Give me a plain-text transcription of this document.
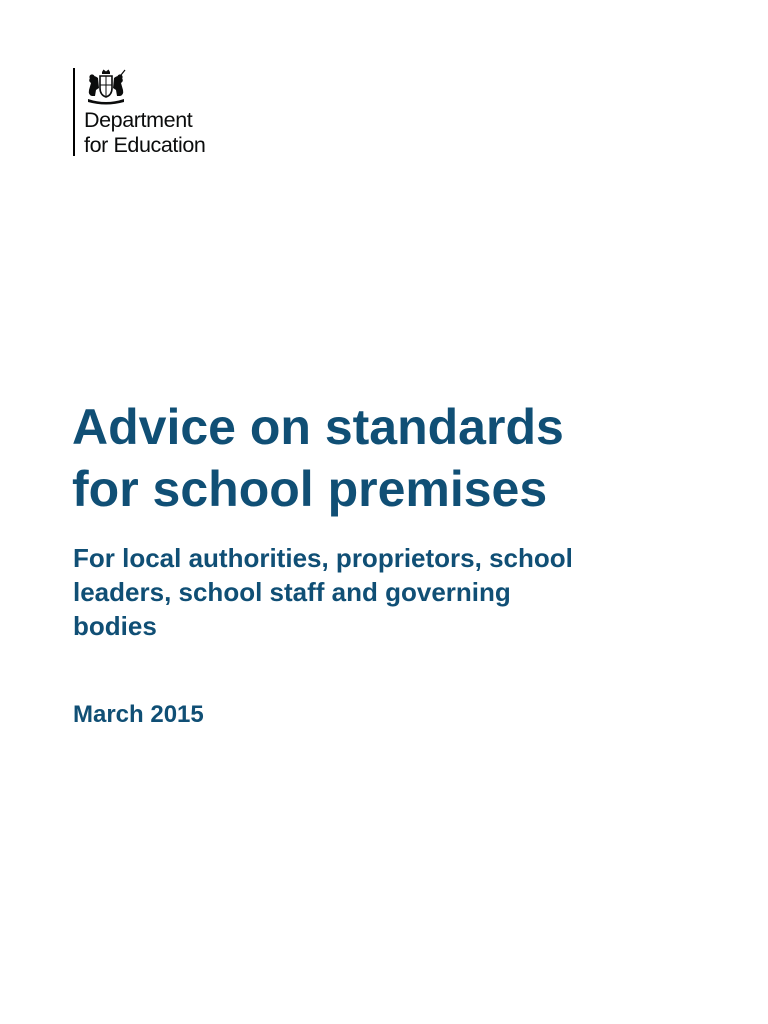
Department
for Education
Advice on standards
for school premises
For local authorities, proprietors, school
leaders, school staff and governing
bodies

March 2015
